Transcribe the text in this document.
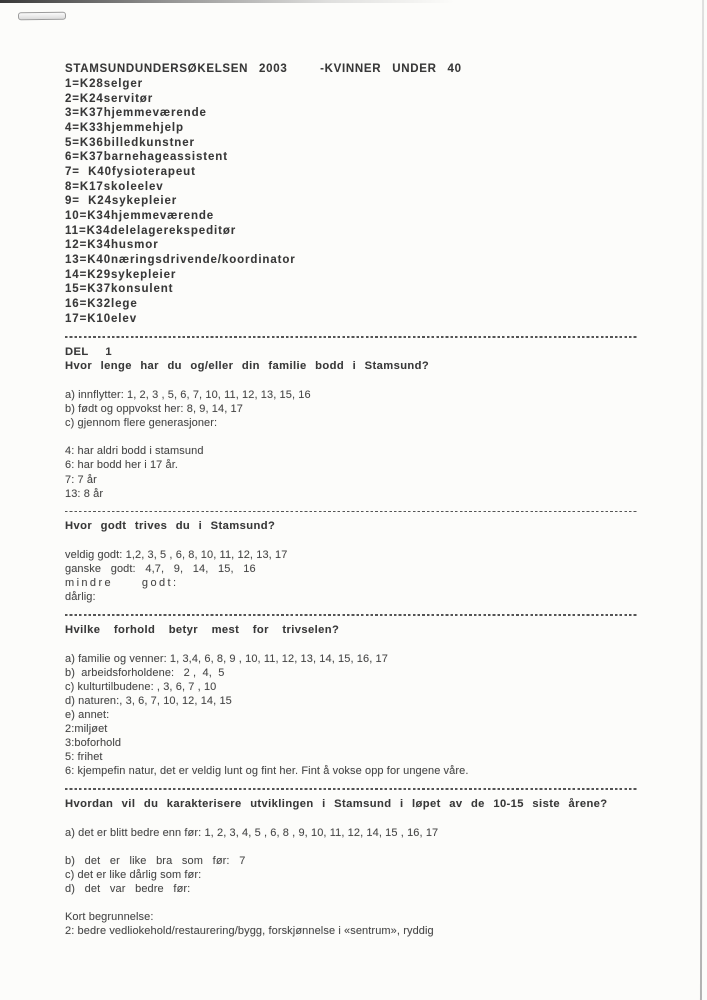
STAMSUNDUNDERSØKELSEN 2003   -KVINNER UNDER 40
1=K28selger
2=K24servitør
3=K37hjemmeværende
4=K33hjemmehjelp
5=K36billedkunstner
6=K37barnehageassistent
7=  K40fysioterapeut
8=K17skoleelev
9=  K24sykepleier
10=K34hjemmeværende
11=K34delelagerekspeditør
12=K34husmor
13=K40næringsdrivende/koordinator
14=K29sykepleier
15=K37konsulent
16=K32lege
17=K10elev
DEL  1
Hvor lenge har du og/eller din familie bodd i Stamsund?
a) innflytter: 1, 2, 3 , 5, 6, 7, 10, 11, 12, 13, 15, 16
b) født og oppvokst her: 8, 9, 14, 17
c) gjennom flere generasjoner:
4: har aldri bodd i stamsund
6: har bodd her i 17 år.
7: 7 år
13: 8 år
Hvor godt trives du i Stamsund?
veldig godt: 1,2, 3, 5 , 6, 8, 10, 11, 12, 13, 17
ganske godt: 4,7, 9, 14, 15, 16
mindre  godt:
dårlig:
Hvilke forhold betyr mest for trivselen?
a) familie og venner: 1, 3,4, 6, 8, 9 , 10, 11, 12, 13, 14, 15, 16, 17
b)  arbeidsforholdene:   2 ,  4,  5
c) kulturtilbudene: , 3, 6, 7 , 10
d) naturen:, 3, 6, 7, 10, 12, 14, 15
e) annet:
2:miljøet
3:boforhold
5: frihet
6: kjempefin natur, det er veldig lunt og fint her. Fint å vokse opp for ungene våre.
Hvordan vil du karakterisere utviklingen i Stamsund i løpet av de 10-15 siste årene?
a) det er blitt bedre enn før: 1, 2, 3, 4, 5 , 6, 8 , 9, 10, 11, 12, 14, 15 , 16, 17
b) det er like bra som før: 7
c) det er like dårlig som før:
d) det var bedre før:
Kort begrunnelse:
2: bedre vedliokehold/restaurering/bygg, forskjønnelse i «sentrum», ryddig
